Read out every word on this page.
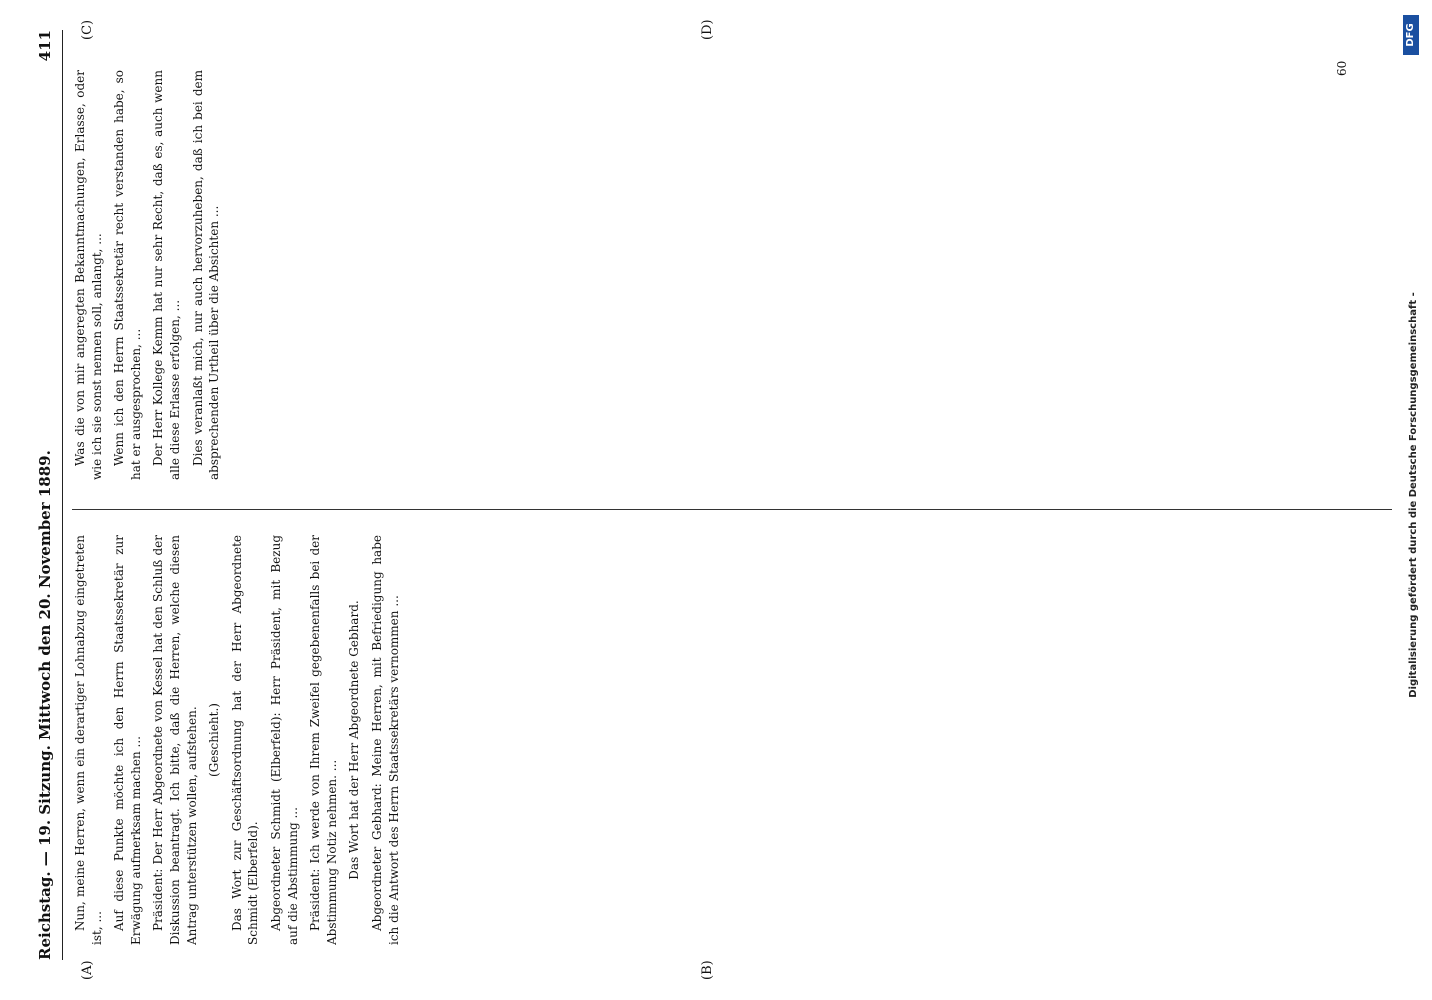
Reichstag. — 19. Sitzung. Mittwoch den 20. November 1889.
411
(A)	(B)
(C)	(D)

Nun, meine Herren, wenn ein derartiger Lohnabzug eingetreten ist, ... Auf diese Punkte möchte ich den Herrn Staatssekretär zur Erwägung aufmerksam machen ... Präsident: Der Herr Abgeordnete von Kessel hat den Schluß der Diskussion beantragt. Ich bitte, daß die Herren, welche diesen Antrag unterstützen wollen, aufstehen. (Geschieht.) Das Wort zur Geschäftsordnung hat der Herr Abgeordnete Schmidt (Elberfeld). Abgeordneter Schmidt (Elberfeld): Herr Präsident, mit Bezug auf die Abstimmung ... Präsident: Ich werde von Ihrem Zweifel gegebenenfalls bei der Abstimmung Notiz nehmen. ... Das Wort hat der Herr Abgeordnete Gebhard. Abgeordneter Gebhard: Meine Herren, mit Befriedigung habe ich die Antwort des Herrn Staatssekretärs vernommen ...

Was die von mir angeregten Bekanntmachungen, Erlasse, oder wie ich sie sonst nennen soll, anlangt, ... Wenn ich den Herrn Staatssekretär recht verstanden habe, so hat er ausgesprochen, ... Der Herr Kollege Kemm hat nur sehr Recht, daß es, auch wenn alle diese Erlasse erfolgen, ... Dies veranlaßt mich, nur auch hervorzuheben, daß ich bei dem absprechenden Urtheil über die Absichten ...

60
Digitalisierung gefördert durch die Deutsche Forschungsgemeinschaft -
DFG
